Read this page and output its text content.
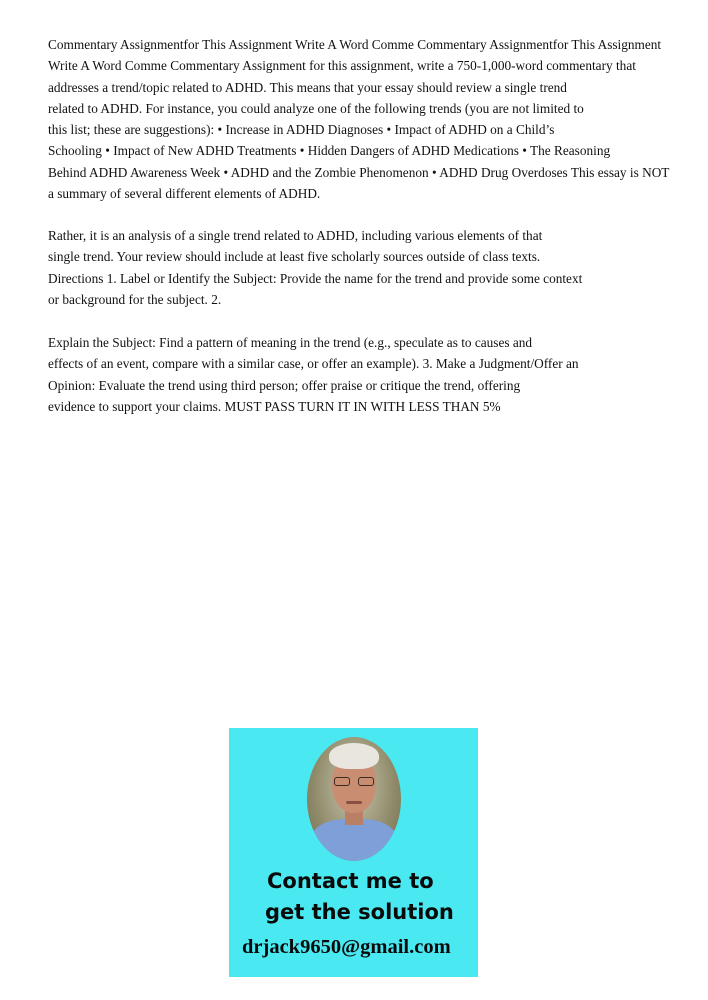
Commentary Assignmentfor This Assignment Write A Word Comme Commentary Assignmentfor This Assignment
Write A Word Comme Commentary Assignment for this assignment, write a 750-1,000-word commentary that
addresses a trend/topic related to ADHD. This means that your essay should review a single trend
related to ADHD. For instance, you could analyze one of the following trends (you are not limited to
this list; these are suggestions): • Increase in ADHD Diagnoses • Impact of ADHD on a Child’s
Schooling • Impact of New ADHD Treatments • Hidden Dangers of ADHD Medications • The Reasoning
Behind ADHD Awareness Week • ADHD and the Zombie Phenomenon • ADHD Drug Overdoses This essay is NOT
a summary of several different elements of ADHD.
Rather, it is an analysis of a single trend related to ADHD, including various elements of that
single trend. Your review should include at least five scholarly sources outside of class texts.
Directions 1. Label or Identify the Subject: Provide the name for the trend and provide some context
or background for the subject. 2.
Explain the Subject: Find a pattern of meaning in the trend (e.g., speculate as to causes and
effects of an event, compare with a similar case, or offer an example). 3. Make a Judgment/Offer an
Opinion: Evaluate the trend using third person; offer praise or critique the trend, offering
evidence to support your claims. MUST PASS TURN IT IN WITH LESS THAN 5%
Contact me to
get the solution
drjack9650@gmail.com
